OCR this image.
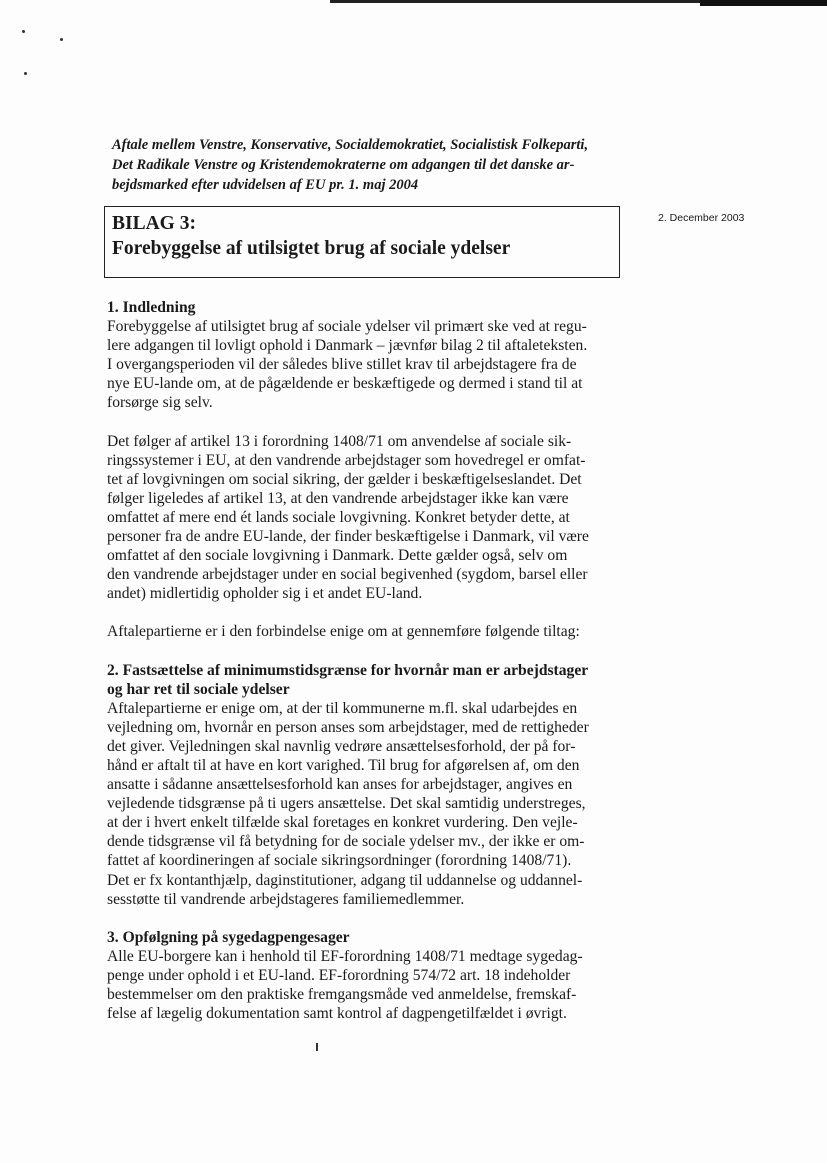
Aftale mellem Venstre, Konservative, Socialdemokratiet, Socialistisk Folkeparti,
Det Radikale Venstre og Kristendemokraterne om adgangen til det danske ar-
bejdsmarked efter udvidelsen af EU pr. 1. maj 2004

2. December 2003
BILAG 3:
Forebyggelse af utilsigtet brug af sociale ydelser
1. Indledning

Forebyggelse af utilsigtet brug af sociale ydelser vil primært ske ved at regu-
lere adgangen til lovligt ophold i Danmark – jævnfør bilag 2 til aftaleteksten.
I overgangsperioden vil der således blive stillet krav til arbejdstagere fra de
nye EU-lande om, at de pågældende er beskæftigede og dermed i stand til at
forsørge sig selv.

Det følger af artikel 13 i forordning 1408/71 om anvendelse af sociale sik-
ringssystemer i EU, at den vandrende arbejdstager som hovedregel er omfat-
tet af lovgivningen om social sikring, der gælder i beskæftigelseslandet. Det
følger ligeledes af artikel 13, at den vandrende arbejdstager ikke kan være
omfattet af mere end ét lands sociale lovgivning. Konkret betyder dette, at
personer fra de andre EU-lande, der finder beskæftigelse i Danmark, vil være
omfattet af den sociale lovgivning i Danmark. Dette gælder også, selv om
den vandrende arbejdstager under en social begivenhed (sygdom, barsel eller
andet) midlertidig opholder sig i et andet EU-land.

Aftalepartierne er i den forbindelse enige om at gennemføre følgende tiltag:

2. Fastsættelse af minimumstidsgrænse for hvornår man er arbejdstager
og har ret til sociale ydelser

Aftalepartierne er enige om, at der til kommunerne m.fl. skal udarbejdes en
vejledning om, hvornår en person anses som arbejdstager, med de rettigheder
det giver. Vejledningen skal navnlig vedrøre ansættelsesforhold, der på for-
hånd er aftalt til at have en kort varighed. Til brug for afgørelsen af, om den
ansatte i sådanne ansættelsesforhold kan anses for arbejdstager, angives en
vejledende tidsgrænse på ti ugers ansættelse. Det skal samtidig understreges,
at der i hvert enkelt tilfælde skal foretages en konkret vurdering. Den vejle-
dende tidsgrænse vil få betydning for de sociale ydelser mv., der ikke er om-
fattet af koordineringen af sociale sikringsordninger (forordning 1408/71).
Det er fx kontanthjælp, daginstitutioner, adgang til uddannelse og uddannel-
sesstøtte til vandrende arbejdstageres familiemedlemmer.

3. Opfølgning på sygedagpengesager

Alle EU-borgere kan i henhold til EF-forordning 1408/71 medtage sygedag-
penge under ophold i et EU-land. EF-forordning 574/72 art. 18 indeholder
bestemmelser om den praktiske fremgangsmåde ved anmeldelse, fremskaf-
felse af lægelig dokumentation samt kontrol af dagpengetilfældet i øvrigt.
